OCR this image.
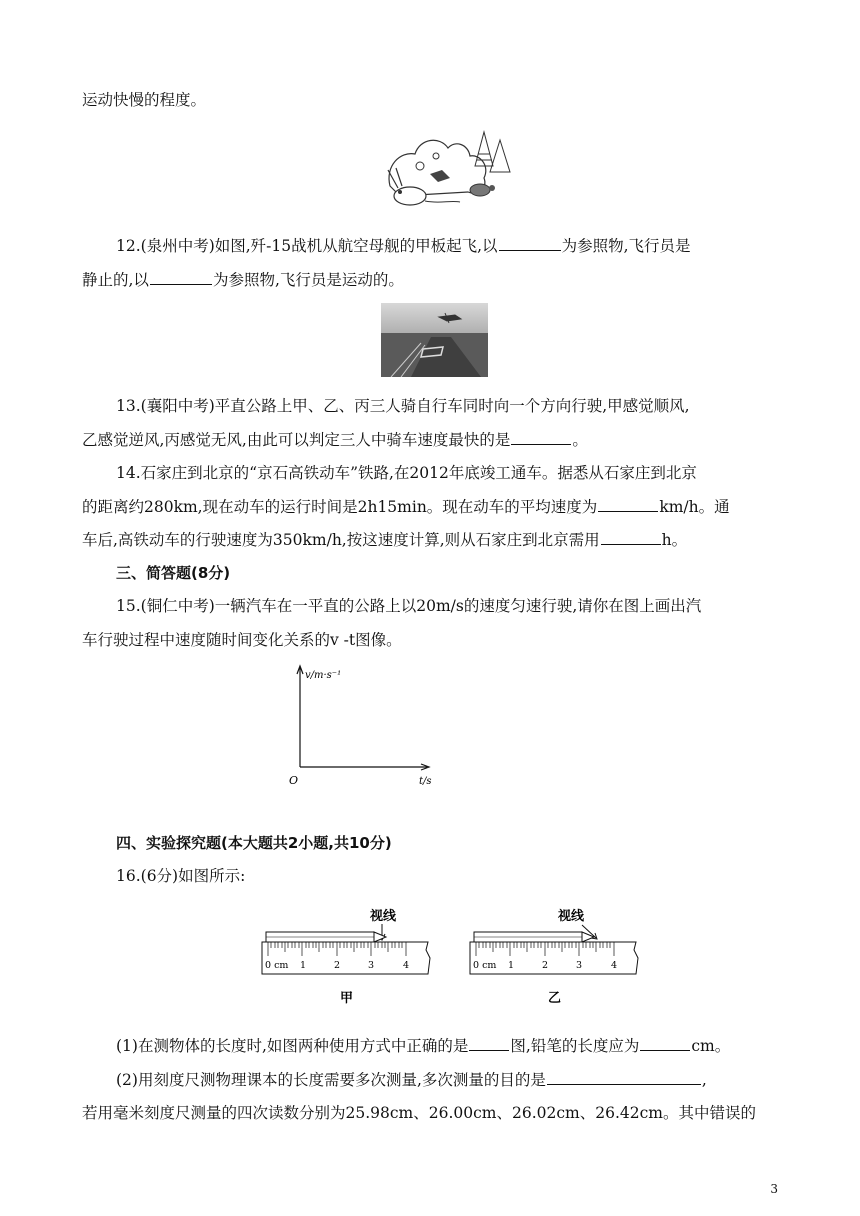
运动快慢的程度。
12.(泉州中考)如图,歼-15战机从航空母舰的甲板起飞,以	为参照物,飞行员是
静止的,以	为参照物,飞行员是运动的。
13.(襄阳中考)平直公路上甲、乙、丙三人骑自行车同时向一个方向行驶,甲感觉顺风,
乙感觉逆风,丙感觉无风,由此可以判定三人中骑车速度最快的是	。
14.石家庄到北京的“京石高铁动车”铁路,在2012年底竣工通车。据悉从石家庄到北京
的距离约280km,现在动车的运行时间是2h15min。现在动车的平均速度为	km/h。通
车后,高铁动车的行驶速度为350km/h,按这速度计算,则从石家庄到北京需用	h。
三、简答题(8分)
15.(铜仁中考)一辆汽车在一平直的公路上以20m/s的速度匀速行驶,请你在图上画出汽
车行驶过程中速度随时间变化关系的v -t图像。
v/m·s⁻¹
O	t/s
四、实验探究题(本大题共2小题,共10分)
16.(6分)如图所示:
视线
0 cm 1	2	3	4
甲
视线
0 cm 1	2	3	4
乙
(1)在测物体的长度时,如图两种使用方式中正确的是	图,铅笔的长度应为	cm。
(2)用刻度尺测物理课本的长度需要多次测量,多次测量的目的是	,
若用毫米刻度尺测量的四次读数分别为25.98cm、26.00cm、26.02cm、26.42cm。其中错误的
3
